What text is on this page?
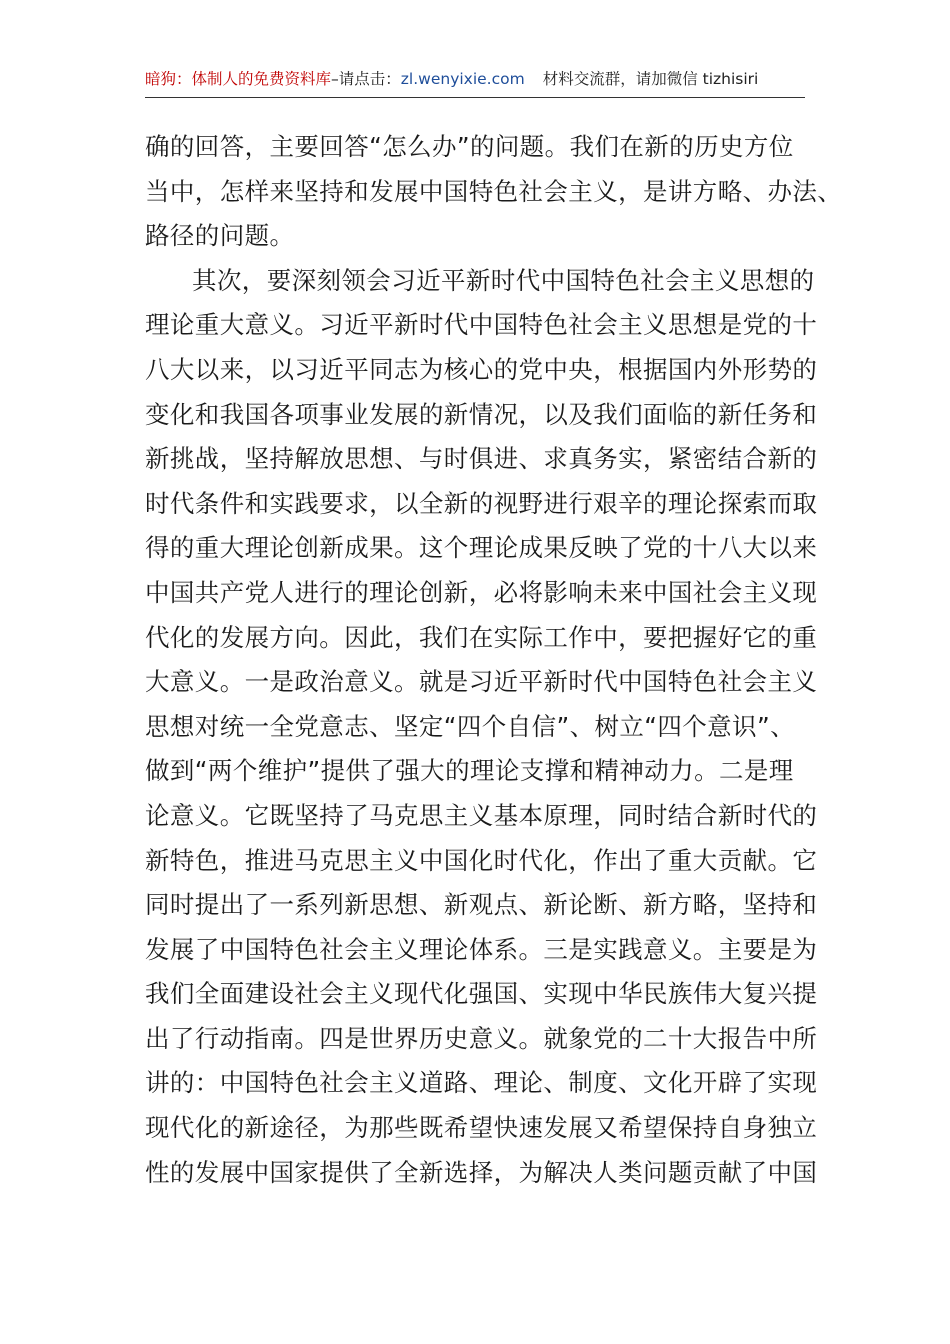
暗狗：体制人的免费资料库–请点击：zl.wenyixie.com 材料交流群，请加微信 tizhisiri
确的回答，主要回答“怎么办”的问题。我们在新的历史方位
当中，怎样来坚持和发展中国特色社会主义，是讲方略、办法、
路径的问题。
其次，要深刻领会习近平新时代中国特色社会主义思想的
理论重大意义。习近平新时代中国特色社会主义思想是党的十
八大以来，以习近平同志为核心的党中央，根据国内外形势的
变化和我国各项事业发展的新情况，以及我们面临的新任务和
新挑战，坚持解放思想、与时俱进、求真务实，紧密结合新的
时代条件和实践要求，以全新的视野进行艰辛的理论探索而取
得的重大理论创新成果。这个理论成果反映了党的十八大以来
中国共产党人进行的理论创新，必将影响未来中国社会主义现
代化的发展方向。因此，我们在实际工作中，要把握好它的重
大意义。一是政治意义。就是习近平新时代中国特色社会主义
思想对统一全党意志、坚定“四个自信”、树立“四个意识”、
做到“两个维护”提供了强大的理论支撑和精神动力。二是理
论意义。它既坚持了马克思主义基本原理，同时结合新时代的
新特色，推进马克思主义中国化时代化，作出了重大贡献。它
同时提出了一系列新思想、新观点、新论断、新方略，坚持和
发展了中国特色社会主义理论体系。三是实践意义。主要是为
我们全面建设社会主义现代化强国、实现中华民族伟大复兴提
出了行动指南。四是世界历史意义。就象党的二十大报告中所
讲的：中国特色社会主义道路、理论、制度、文化开辟了实现
现代化的新途径，为那些既希望快速发展又希望保持自身独立
性的发展中国家提供了全新选择，为解决人类问题贡献了中国
